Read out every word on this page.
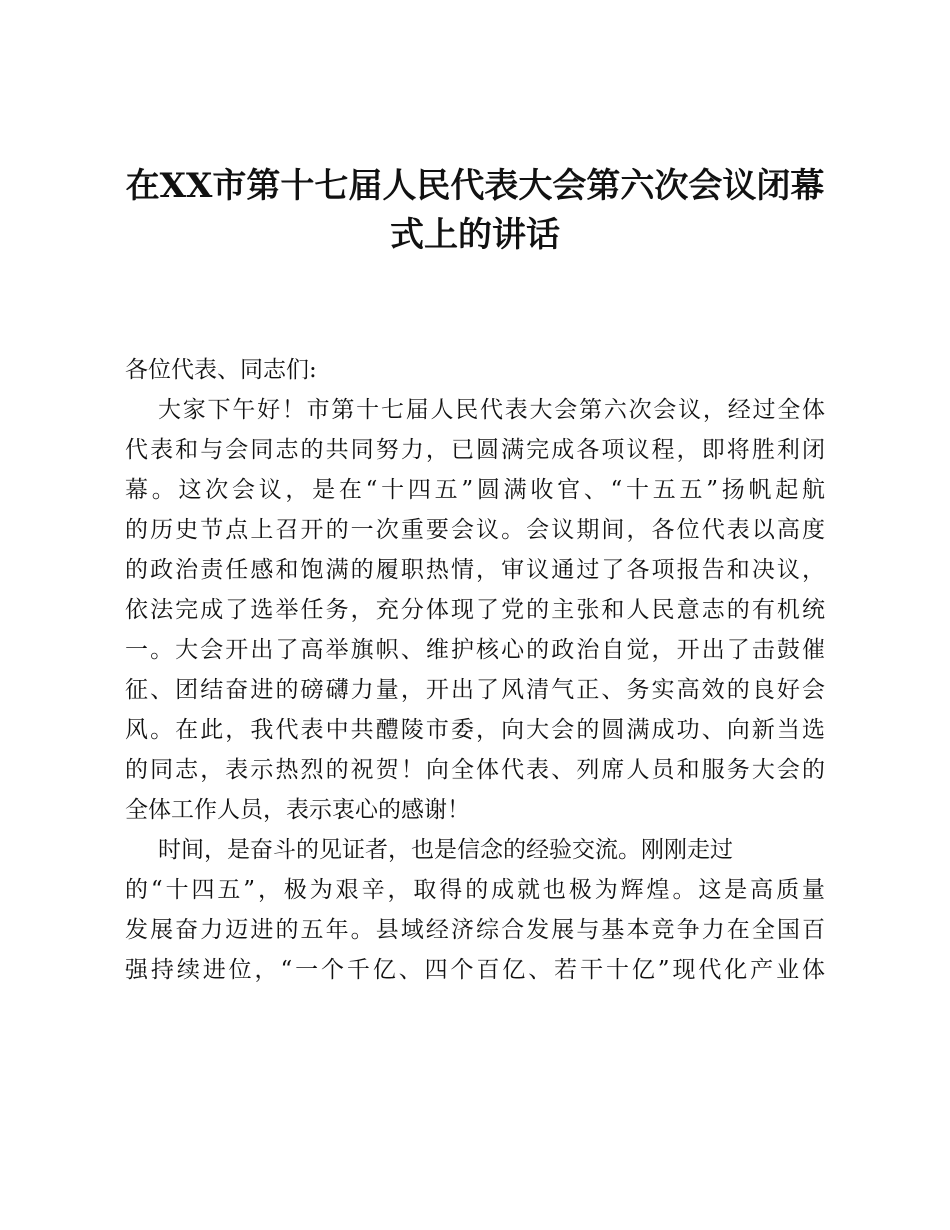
在XX市第十七届人民代表大会第六次会议闭幕
式上的讲话
各位代表、同志们:
大家下午好！市第十七届人民代表大会第六次会议，经过全体
代表和与会同志的共同努力，已圆满完成各项议程，即将胜利闭
幕。这次会议，是在“十四五”圆满收官、“十五五”扬帆起航
的历史节点上召开的一次重要会议。会议期间，各位代表以高度
的政治责任感和饱满的履职热情，审议通过了各项报告和决议，
依法完成了选举任务，充分体现了党的主张和人民意志的有机统
一。大会开出了高举旗帜、维护核心的政治自觉，开出了击鼓催
征、团结奋进的磅礴力量，开出了风清气正、务实高效的良好会
风。在此，我代表中共醴陵市委，向大会的圆满成功、向新当选
的同志，表示热烈的祝贺！向全体代表、列席人员和服务大会的
全体工作人员，表示衷心的感谢！
时间，是奋斗的见证者，也是信念的经验交流。刚刚走过
的“十四五”，极为艰辛，取得的成就也极为辉煌。这是高质量
发展奋力迈进的五年。县域经济综合发展与基本竞争力在全国百
强持续进位，“一个千亿、四个百亿、若干十亿”现代化产业体
